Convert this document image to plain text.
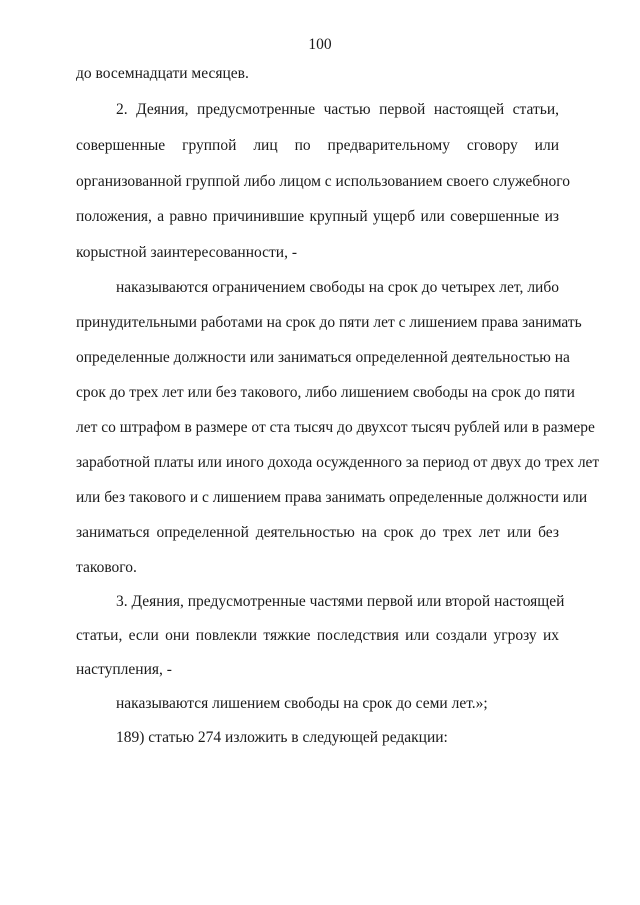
100
до восемнадцати месяцев.
2. Деяния, предусмотренные частью первой настоящей статьи,
совершенные группой лиц по предварительному сговору или
организованной группой либо лицом с использованием своего служебного
положения, а равно причинившие крупный ущерб или совершенные из
корыстной заинтересованности, -
наказываются ограничением свободы на срок до четырех лет, либо
принудительными работами на срок до пяти лет с лишением права занимать
определенные должности или заниматься определенной деятельностью на
срок до трех лет или без такового, либо лишением свободы на срок до пяти
лет со штрафом в размере от ста тысяч до двухсот тысяч рублей или в размере
заработной платы или иного дохода осужденного за период от двух до трех лет
или без такового и с лишением права занимать определенные должности или
заниматься определенной деятельностью на срок до трех лет или без
такового.
3. Деяния, предусмотренные частями первой или второй настоящей
статьи, если они повлекли тяжкие последствия или создали угрозу их
наступления, -
наказываются лишением свободы на срок до семи лет.»;
189) статью 274 изложить в следующей редакции:
